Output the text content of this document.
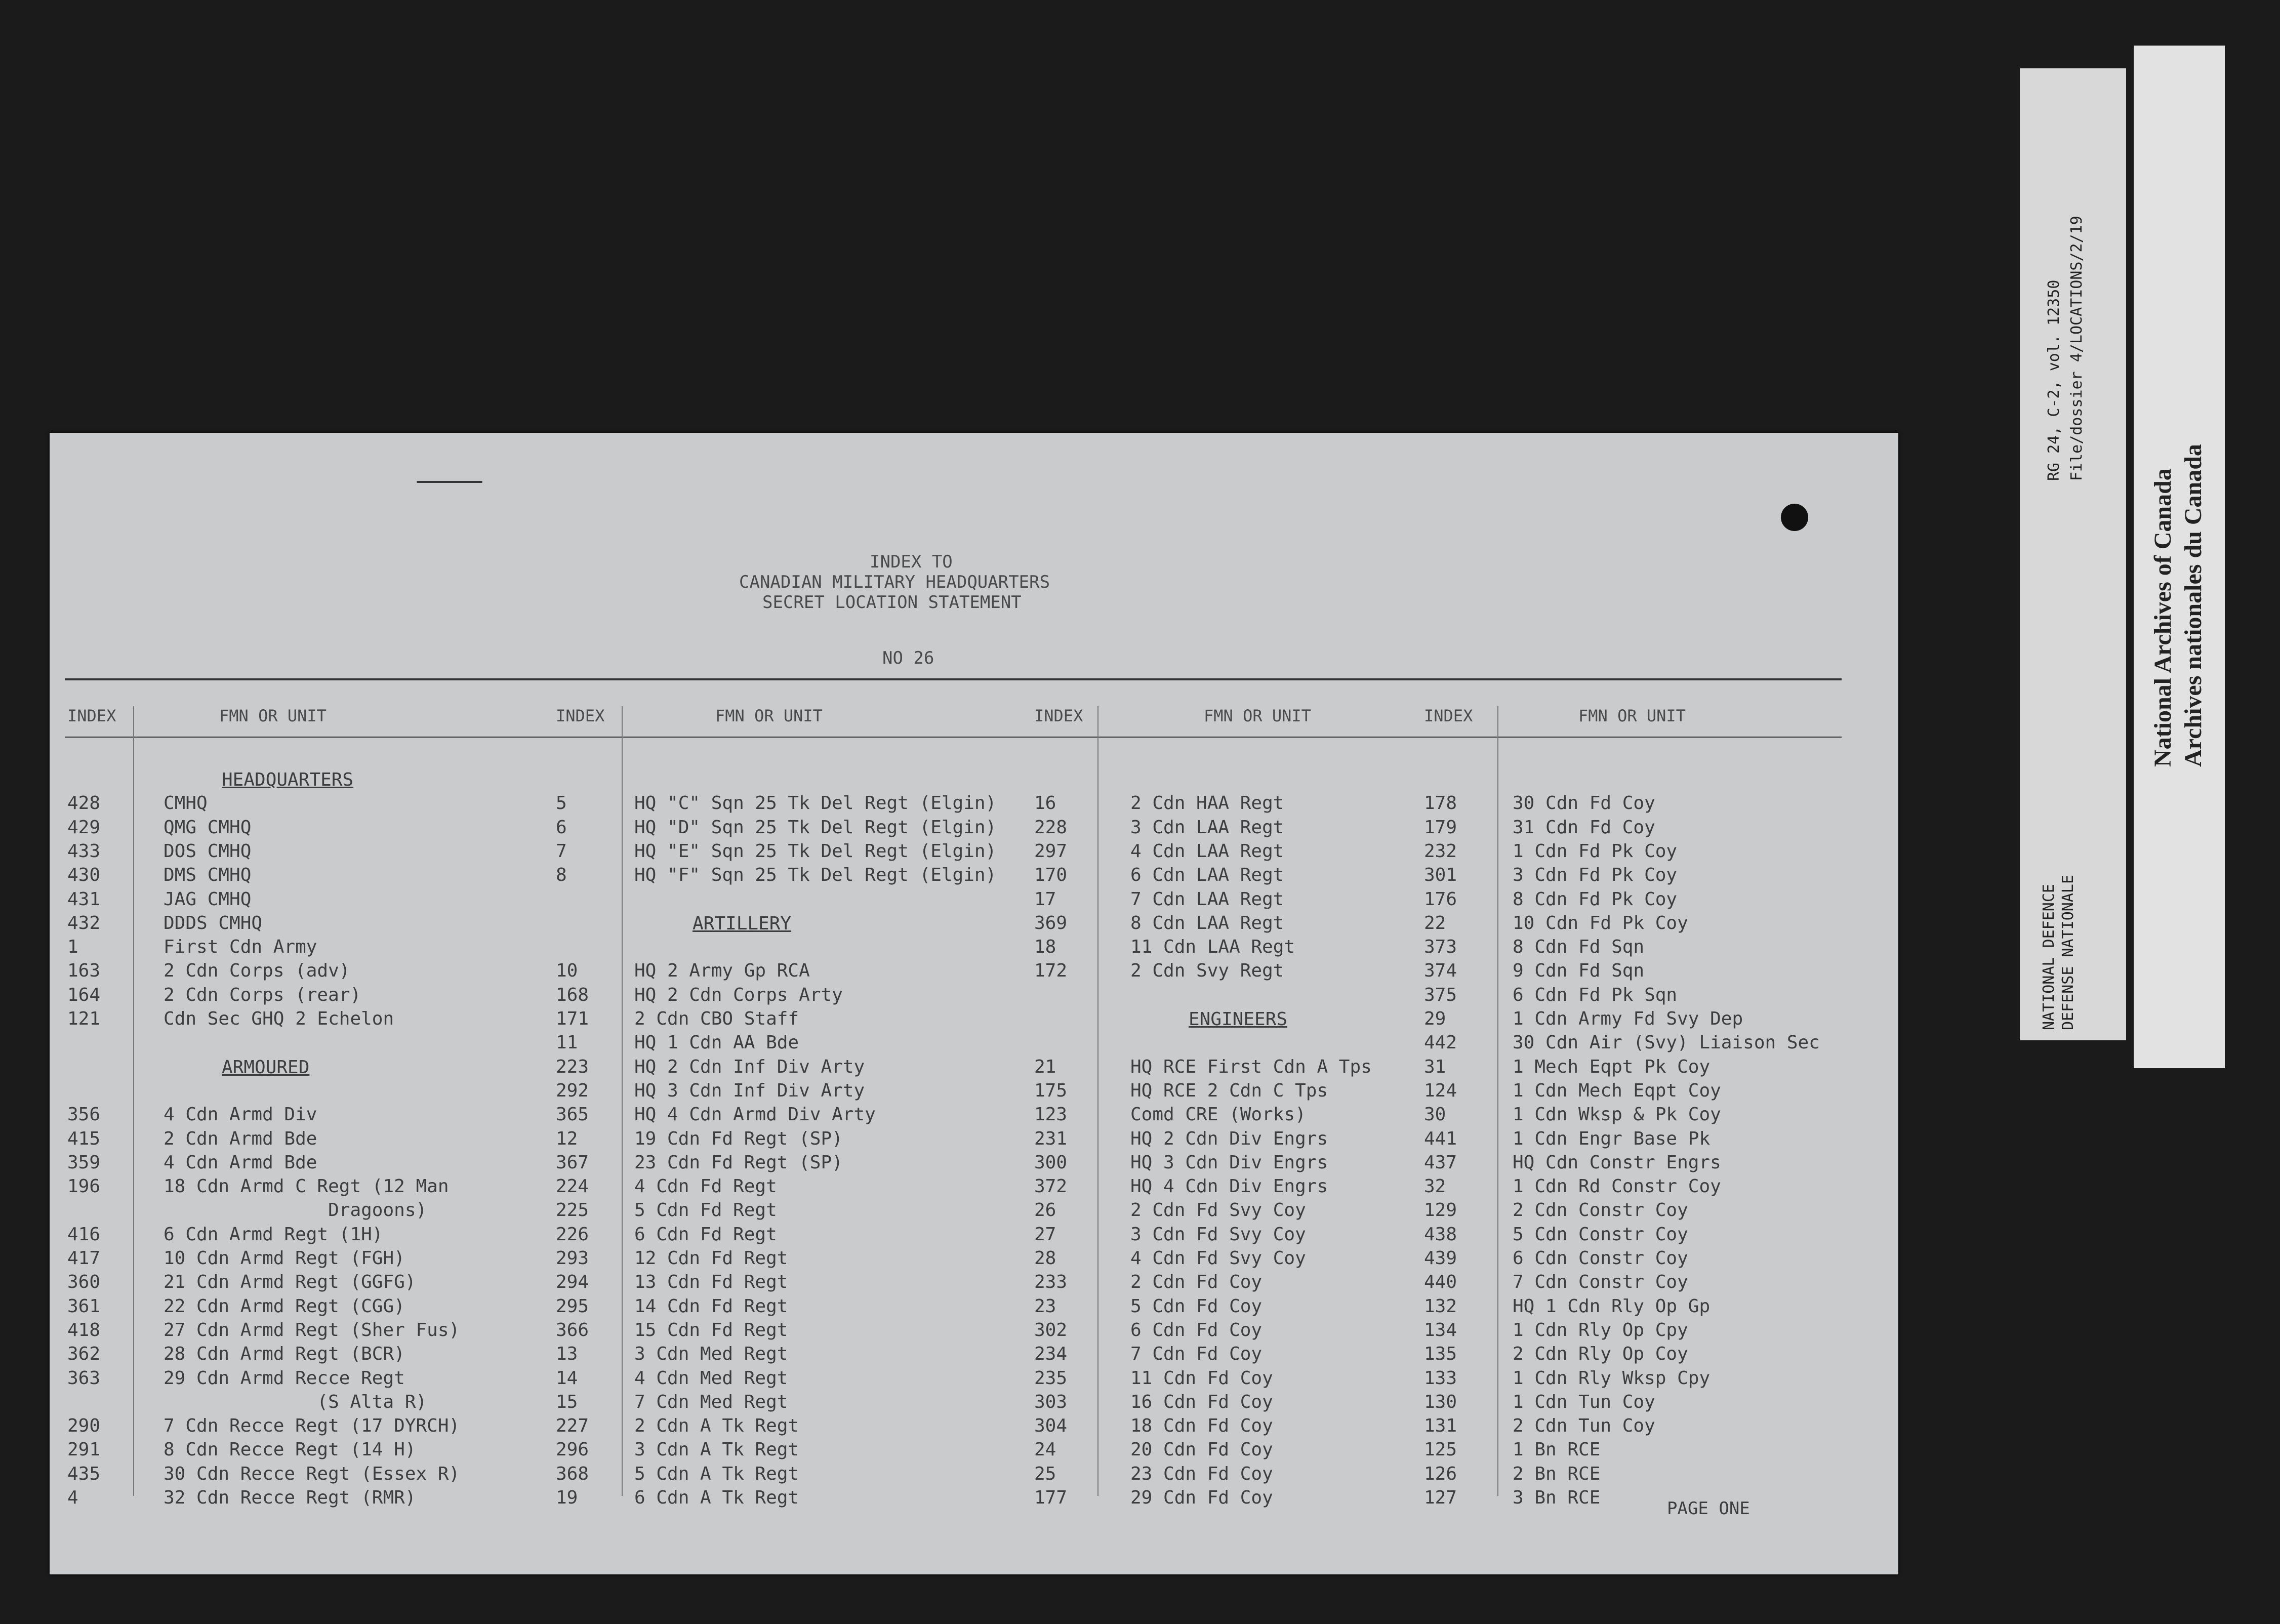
INDEX TO
CANADIAN MILITARY HEADQUARTERS
SECRET LOCATION STATEMENT
NO 26
INDEX	FMN OR UNIT
HEADQUARTERS
428	CMHQ
429	QMG CMHQ
433	DOS CMHQ
430	DMS CMHQ
431	JAG CMHQ
432	DDDS CMHQ
1	First Cdn Army
163	2 Cdn Corps (adv)
164	2 Cdn Corps (rear)
121	Cdn Sec GHQ 2 Echelon
ARMOURED
356	4 Cdn Armd Div
415	2 Cdn Armd Bde
359	4 Cdn Armd Bde
196	18 Cdn Armd C Regt (12 Man
Dragoons)
416	6 Cdn Armd Regt (1H)
417	10 Cdn Armd Regt (FGH)
360	21 Cdn Armd Regt (GGFG)
361	22 Cdn Armd Regt (CGG)
418	27 Cdn Armd Regt (Sher Fus)
362	28 Cdn Armd Regt (BCR)
363	29 Cdn Armd Recce Regt
(S Alta R)
290	7 Cdn Recce Regt (17 DYRCH)
291	8 Cdn Recce Regt (14 H)
435	30 Cdn Recce Regt (Essex R)
4	32 Cdn Recce Regt (RMR)
INDEX	FMN OR UNIT
5	HQ "C" Sqn 25 Tk Del Regt (Elgin)
6	HQ "D" Sqn 25 Tk Del Regt (Elgin)
7	HQ "E" Sqn 25 Tk Del Regt (Elgin)
8	HQ "F" Sqn 25 Tk Del Regt (Elgin)
ARTILLERY
10	HQ 2 Army Gp RCA
168 HQ 2 Cdn Corps Arty
171 2 Cdn CBO Staff
11	HQ 1 Cdn AA Bde
223 HQ 2 Cdn Inf Div Arty
292 HQ 3 Cdn Inf Div Arty
365 HQ 4 Cdn Armd Div Arty
12	19 Cdn Fd Regt (SP)
367 23 Cdn Fd Regt (SP)
224 4 Cdn Fd Regt
225 5 Cdn Fd Regt
226 6 Cdn Fd Regt
293 12 Cdn Fd Regt
294 13 Cdn Fd Regt
295 14 Cdn Fd Regt
366 15 Cdn Fd Regt
13	3 Cdn Med Regt
14	4 Cdn Med Regt
15	7 Cdn Med Regt
227 2 Cdn A Tk Regt
296 3 Cdn A Tk Regt
368 5 Cdn A Tk Regt
19	6 Cdn A Tk Regt
INDEX	FMN OR UNIT
16	2 Cdn HAA Regt
228	3 Cdn LAA Regt
297	4 Cdn LAA Regt
170	6 Cdn LAA Regt
17	7 Cdn LAA Regt
369	8 Cdn LAA Regt
18	11 Cdn LAA Regt
172	2 Cdn Svy Regt
ENGINEERS
21	HQ RCE First Cdn A Tps
175	HQ RCE 2 Cdn C Tps
123	Comd CRE (Works)
231	HQ 2 Cdn Div Engrs
300	HQ 3 Cdn Div Engrs
372	HQ 4 Cdn Div Engrs
26	2 Cdn Fd Svy Coy
27	3 Cdn Fd Svy Coy
28	4 Cdn Fd Svy Coy
233	2 Cdn Fd Coy
23	5 Cdn Fd Coy
302	6 Cdn Fd Coy
234	7 Cdn Fd Coy
235	11 Cdn Fd Coy
303	16 Cdn Fd Coy
304	18 Cdn Fd Coy
24	20 Cdn Fd Coy
25	23 Cdn Fd Coy
177	29 Cdn Fd Coy
INDEX	FMN OR UNIT
178	30 Cdn Fd Coy
179	31 Cdn Fd Coy
232	1 Cdn Fd Pk Coy
301	3 Cdn Fd Pk Coy
176	8 Cdn Fd Pk Coy
22	10 Cdn Fd Pk Coy
373	8 Cdn Fd Sqn
374	9 Cdn Fd Sqn
375	6 Cdn Fd Pk Sqn
29	1 Cdn Army Fd Svy Dep
442	30 Cdn Air (Svy) Liaison Sec
31	1 Mech Eqpt Pk Coy
124	1 Cdn Mech Eqpt Coy
30	1 Cdn Wksp & Pk Coy
441	1 Cdn Engr Base Pk
437	HQ Cdn Constr Engrs
32	1 Cdn Rd Constr Coy
129	2 Cdn Constr Coy
438	5 Cdn Constr Coy
439	6 Cdn Constr Coy
440	7 Cdn Constr Coy
132	HQ 1 Cdn Rly Op Gp
134	1 Cdn Rly Op Cpy
135	2 Cdn Rly Op Coy
133	1 Cdn Rly Wksp Cpy
130	1 Cdn Tun Coy
131	2 Cdn Tun Coy
125	1 Bn RCE
126	2 Bn RCE
127	3 Bn RCE
PAGE ONE
RG 24, C-2, vol. 12350 File/dossier 4/LOCATIONS/2/19
NATIONAL DEFENCE DEFENSE NATIONALE
National Archives of Canada Archives nationales du Canada
